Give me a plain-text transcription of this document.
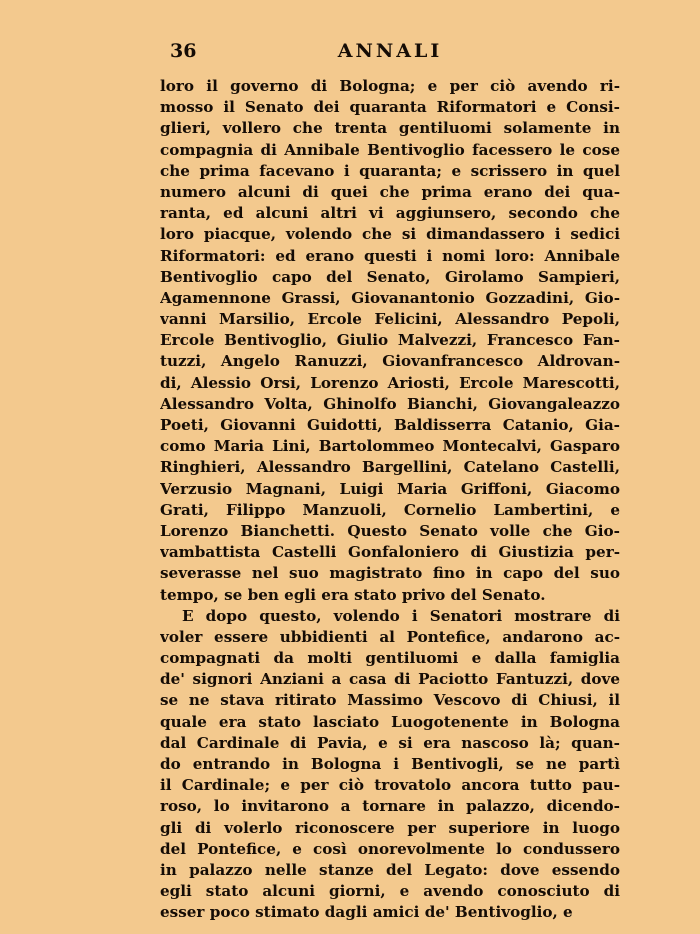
36	ANNALI
loro il governo di Bologna; e per ciò avendo ri-
mosso il Senato dei quaranta Riformatori e Consi-
glieri, vollero che trenta gentiluomi solamente in
compagnia di Annibale Bentivoglio facessero le cose
che prima facevano i quaranta; e scrissero in quel
numero alcuni di quei che prima erano dei qua-
ranta, ed alcuni altri vi aggiunsero, secondo che
loro piacque, volendo che si dimandassero i sedici
Riformatori: ed erano questi i nomi loro: Annibale
Bentivoglio capo del Senato, Girolamo Sampieri,
Agamennone Grassi, Giovanantonio Gozzadini, Gio-
vanni Marsilio, Ercole Felicini, Alessandro Pepoli,
Ercole Bentivoglio, Giulio Malvezzi, Francesco Fan-
tuzzi, Angelo Ranuzzi, Giovanfrancesco Aldrovan-
di, Alessio Orsi, Lorenzo Ariosti, Ercole Marescotti,
Alessandro Volta, Ghinolfo Bianchi, Giovangaleazzo
Poeti, Giovanni Guidotti, Baldisserra Catanio, Gia-
como Maria Lini, Bartolommeo Montecalvi, Gasparo
Ringhieri, Alessandro Bargellini, Catelano Castelli,
Verzusio Magnani, Luigi Maria Griffoni, Giacomo
Grati, Filippo Manzuoli, Cornelio Lambertini, e
Lorenzo Bianchetti. Questo Senato volle che Gio-
vambattista Castelli Gonfaloniero di Giustizia per-
severasse nel suo magistrato fino in capo del suo
tempo, se ben egli era stato privo del Senato.
E dopo questo, volendo i Senatori mostrare di
voler essere ubbidienti al Pontefice, andarono ac-
compagnati da molti gentiluomi e dalla famiglia
de' signori Anziani a casa di Paciotto Fantuzzi, dove
se ne stava ritirato Massimo Vescovo di Chiusi, il
quale era stato lasciato Luogotenente in Bologna
dal Cardinale di Pavia, e si era nascoso là; quan-
do entrando in Bologna i Bentivogli, se ne partì
il Cardinale; e per ciò trovatolo ancora tutto pau-
roso, lo invitarono a tornare in palazzo, dicendo-
gli di volerlo riconoscere per superiore in luogo
del Pontefice, e così onorevolmente lo condussero
in palazzo nelle stanze del Legato: dove essendo
egli stato alcuni giorni, e avendo conosciuto di
esser poco stimato dagli amici de' Bentivoglio, e
